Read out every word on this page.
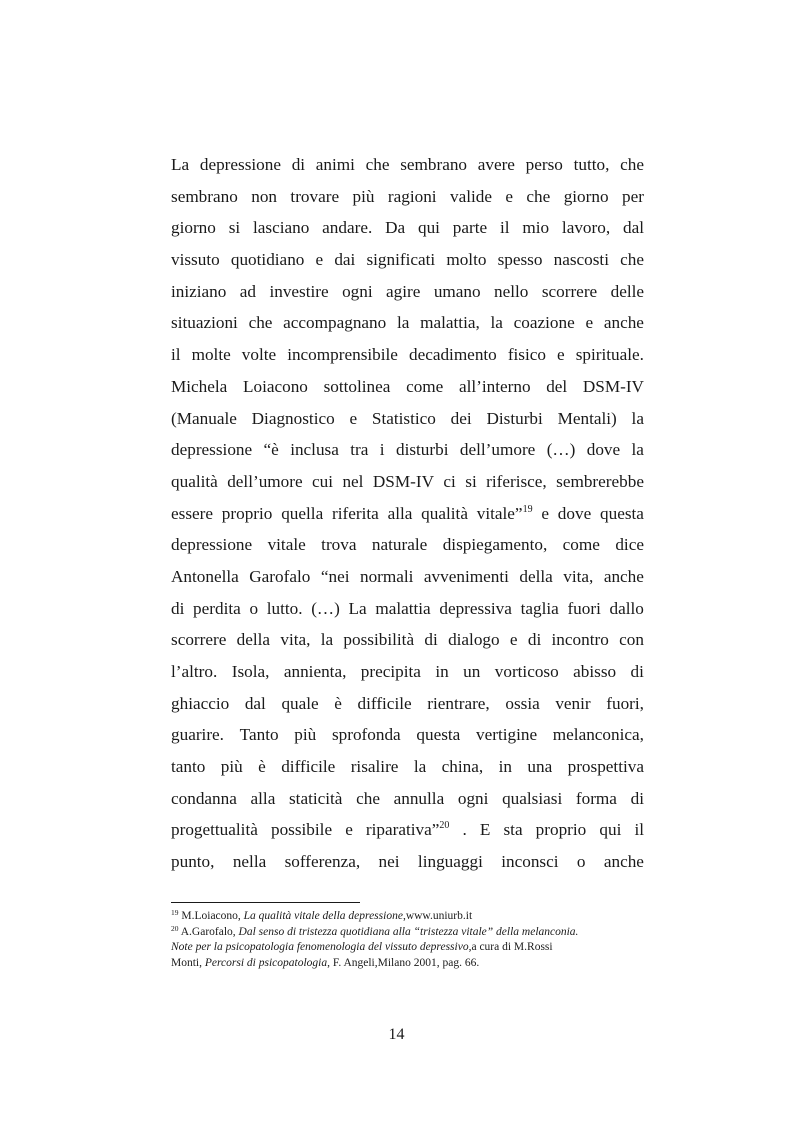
La depressione di animi che sembrano avere perso tutto, che
sembrano non trovare più ragioni valide e che giorno per
giorno si lasciano andare. Da qui parte il mio lavoro, dal
vissuto quotidiano e dai significati molto spesso nascosti che
iniziano ad investire ogni agire umano nello scorrere delle
situazioni che accompagnano la malattia, la coazione e anche
il molte volte incomprensibile decadimento fisico e spirituale.
Michela Loiacono sottolinea come all’interno del DSM-IV
(Manuale Diagnostico e Statistico dei Disturbi Mentali) la
depressione “è inclusa tra i disturbi dell’umore (…) dove la
qualità dell’umore cui nel DSM-IV ci si riferisce, sembrerebbe
essere proprio quella riferita alla qualità vitale”$^{19}$ e dove questa
depressione vitale trova naturale dispiegamento, come dice
Antonella Garofalo “nei normali avvenimenti della vita, anche
di perdita o lutto. (…) La malattia depressiva taglia fuori dallo
scorrere della vita, la possibilità di dialogo e di incontro con
l’altro. Isola, annienta, precipita in un vorticoso abisso di
ghiaccio dal quale è difficile rientrare, ossia venir fuori,
guarire. Tanto più sprofonda questa vertigine melanconica,
tanto più è difficile risalire la china, in una prospettiva
condanna alla staticità che annulla ogni qualsiasi forma di
progettualità possibile e riparativa”$^{20}$ . E sta proprio qui il
punto, nella sofferenza, nei linguaggi inconsci o anche
$^{19}$ M.Loiacono, La qualità vitale della depressione,www.uniurb.it
$^{20}$ A.Garofalo, Dal senso di tristezza quotidiana alla “tristezza vitale” della melanconia.
Note per la psicopatologia fenomenologia del vissuto depressivo,a cura di M.Rossi
Monti, Percorsi di psicopatologia, F. Angeli,Milano 2001, pag. 66.
14
